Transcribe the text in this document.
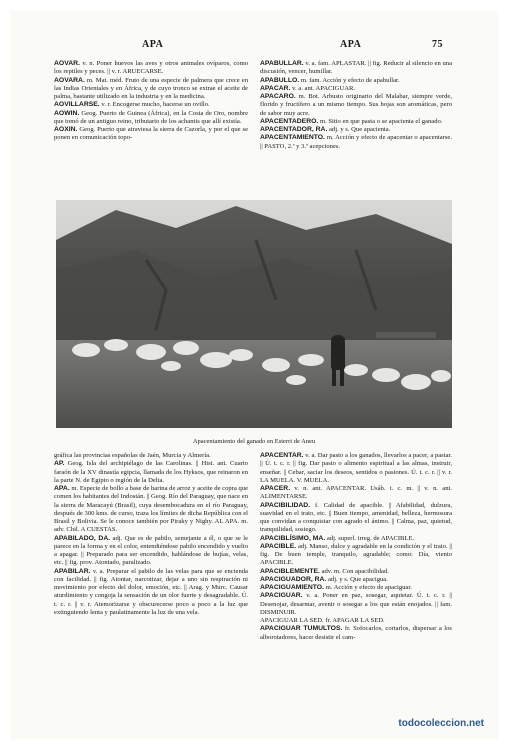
APA	APA	75

AOVAR. v. n. Poner huevos las aves y otros animales ovíparos, como los reptiles y peces. || v. r. ARUECARSE.

AOVARA. m. Mat. méd. Fruto de una especie de palmera que crece en las Indias Orientales y en África, y de cuyo tronco se extrae el aceite de palma, bastante utilizado en la industria y en la medicina.

AOVILLARSE. v. r. Encogerse mucho, hacerse un ovillo.

AOWIN. Geog. Puerto de Guinea (África), en la Costa de Oro, nombre que tomó de un antiguo reino, tributario de los achantis que allí existía.

AOXIN. Geog. Puerto que atraviesa la sierra de Cazorla, y por el que se ponen en comunicación topo-

APABULLAR. v. a. fam. APLASTAR. || fig. Reducir al silencio en una discusión, vencer, humillar.

APABULLO. m. fam. Acción y efecto de apabullar.

APACAR. v. a. ant. APACIGUAR.

APACARO. m. Bot. Arbusto originario del Malabar, siempre verde, florido y fructífero a un mismo tiempo. Sus hojas son aromáticas, pero de sabor muy acre.

APACENTADERO. m. Sitio en que pasta o se apacienta el ganado.

APACENTADOR, RA. adj. y s. Que apacienta.

APACENTAMIENTO. m. Acción y efecto de apacentar o apacentarse. || PASTO, 2.ª y 3.ª acepciones.

Apacentamiento del ganado en Esterri de Aneu

gráfica las provincias españolas de Jaén, Murcia y Almería.

AP. Geog. Isla del archipiélago de las Carolinas. || Hist. ant. Cuarto faraón de la XV dinastía egipcia, llamada de los Hyksos, que reinaron en la parte N. de Egipto o región de la Delta.

APA. m. Especie de bollo a base de harina de arroz y aceite de copra que comen los habitantes del Indostán. || Geog. Río del Paraguay, que nace en la sierra de Maracayú (Brasil), cuya desembocadura en el río Paraguay, después de 300 kms. de curso, traza los límites de dicha República con el Brasil y Bolivia. Se le conoce también por Piraky y Nighy. AL APA. m. adv. Chil. A CUESTAS.

APABILADO, DA. adj. Que es de pabilo, semejante a él, o que se le parece en la forma y en el color, entendiéndose pabilo encendido y vuelto a apagar. || Preparado para ser encendido, hablándose de bujías, velas, etc. || fig. prov. Atontado, paralizado.

APABILAR. v. a. Preparar el pabilo de las velas para que se encienda con facilidad. || fig. Atontar, narcotizar, dejar a uno sin respiración ni movimiento por efecto del dolor, emoción, etc. || Arag. y Murc. Causar aturdimiento y congoja la sensación de un olor fuerte y desagradable. Ú. t. c. r. || v. r. Atemorizarse y obscurecerse poco a poco a la luz que extinguiendo lenta y paulatinamente la luz de una vela.

APACENTAR. v. a. Dar pasto a los ganados, llevarlos a pacer, a pastar. || Ú. t. c. r. || fig. Dar pasto o alimento espiritual a las almas, instruir, enseñar. || Cebar, saciar los deseos, sentidos o pasiones. Ú. t. c. r. || v. r. LA MUELA. V. MUELA.

APACER. v. n. ant. APACENTAR. Usáb. t. c. m. || v. n. ant. ALIMENTARSE.

APACIBILIDAD. f. Calidad de apacible. || Afabilidad, dulzura, suavidad en el trato, etc. || Buen tiempo, amenidad, belleza, hermosura que convidan a conquistar con agrado el ánimo. || Calma, paz, quietud, tranquilidad, sosiego.

APACIBLÍSIMO, MA. adj. superl. irreg. de APACIBLE.

APACIBLE. adj. Manso, dulce y agradable en la condición y el trato. || fig. De buen temple, tranquilo, agradable; como: Día, viento APACIBLE.

APACIBLEMENTE. adv. m. Con apacibilidad.

APACIGUADOR, RA. adj. y s. Que apacigua.

APACIGUAMIENTO. m. Acción y efecto de apaciguar.

APACIGUAR. v. a. Poner en paz, sosegar, aquietar. Ú. t. c. r. || Desenojar, desarmar, avenir o sosegar a los que están enojados. || fam. DISMINUIR.

APACIGUAR LA SED. fr. APAGAR LA SED.

APACIGUAR TUMULTOS. fr. Sofocarlos, cortarlos, dispersar a los alborotadores, hacer desistir el cam-

todocoleccion.net
